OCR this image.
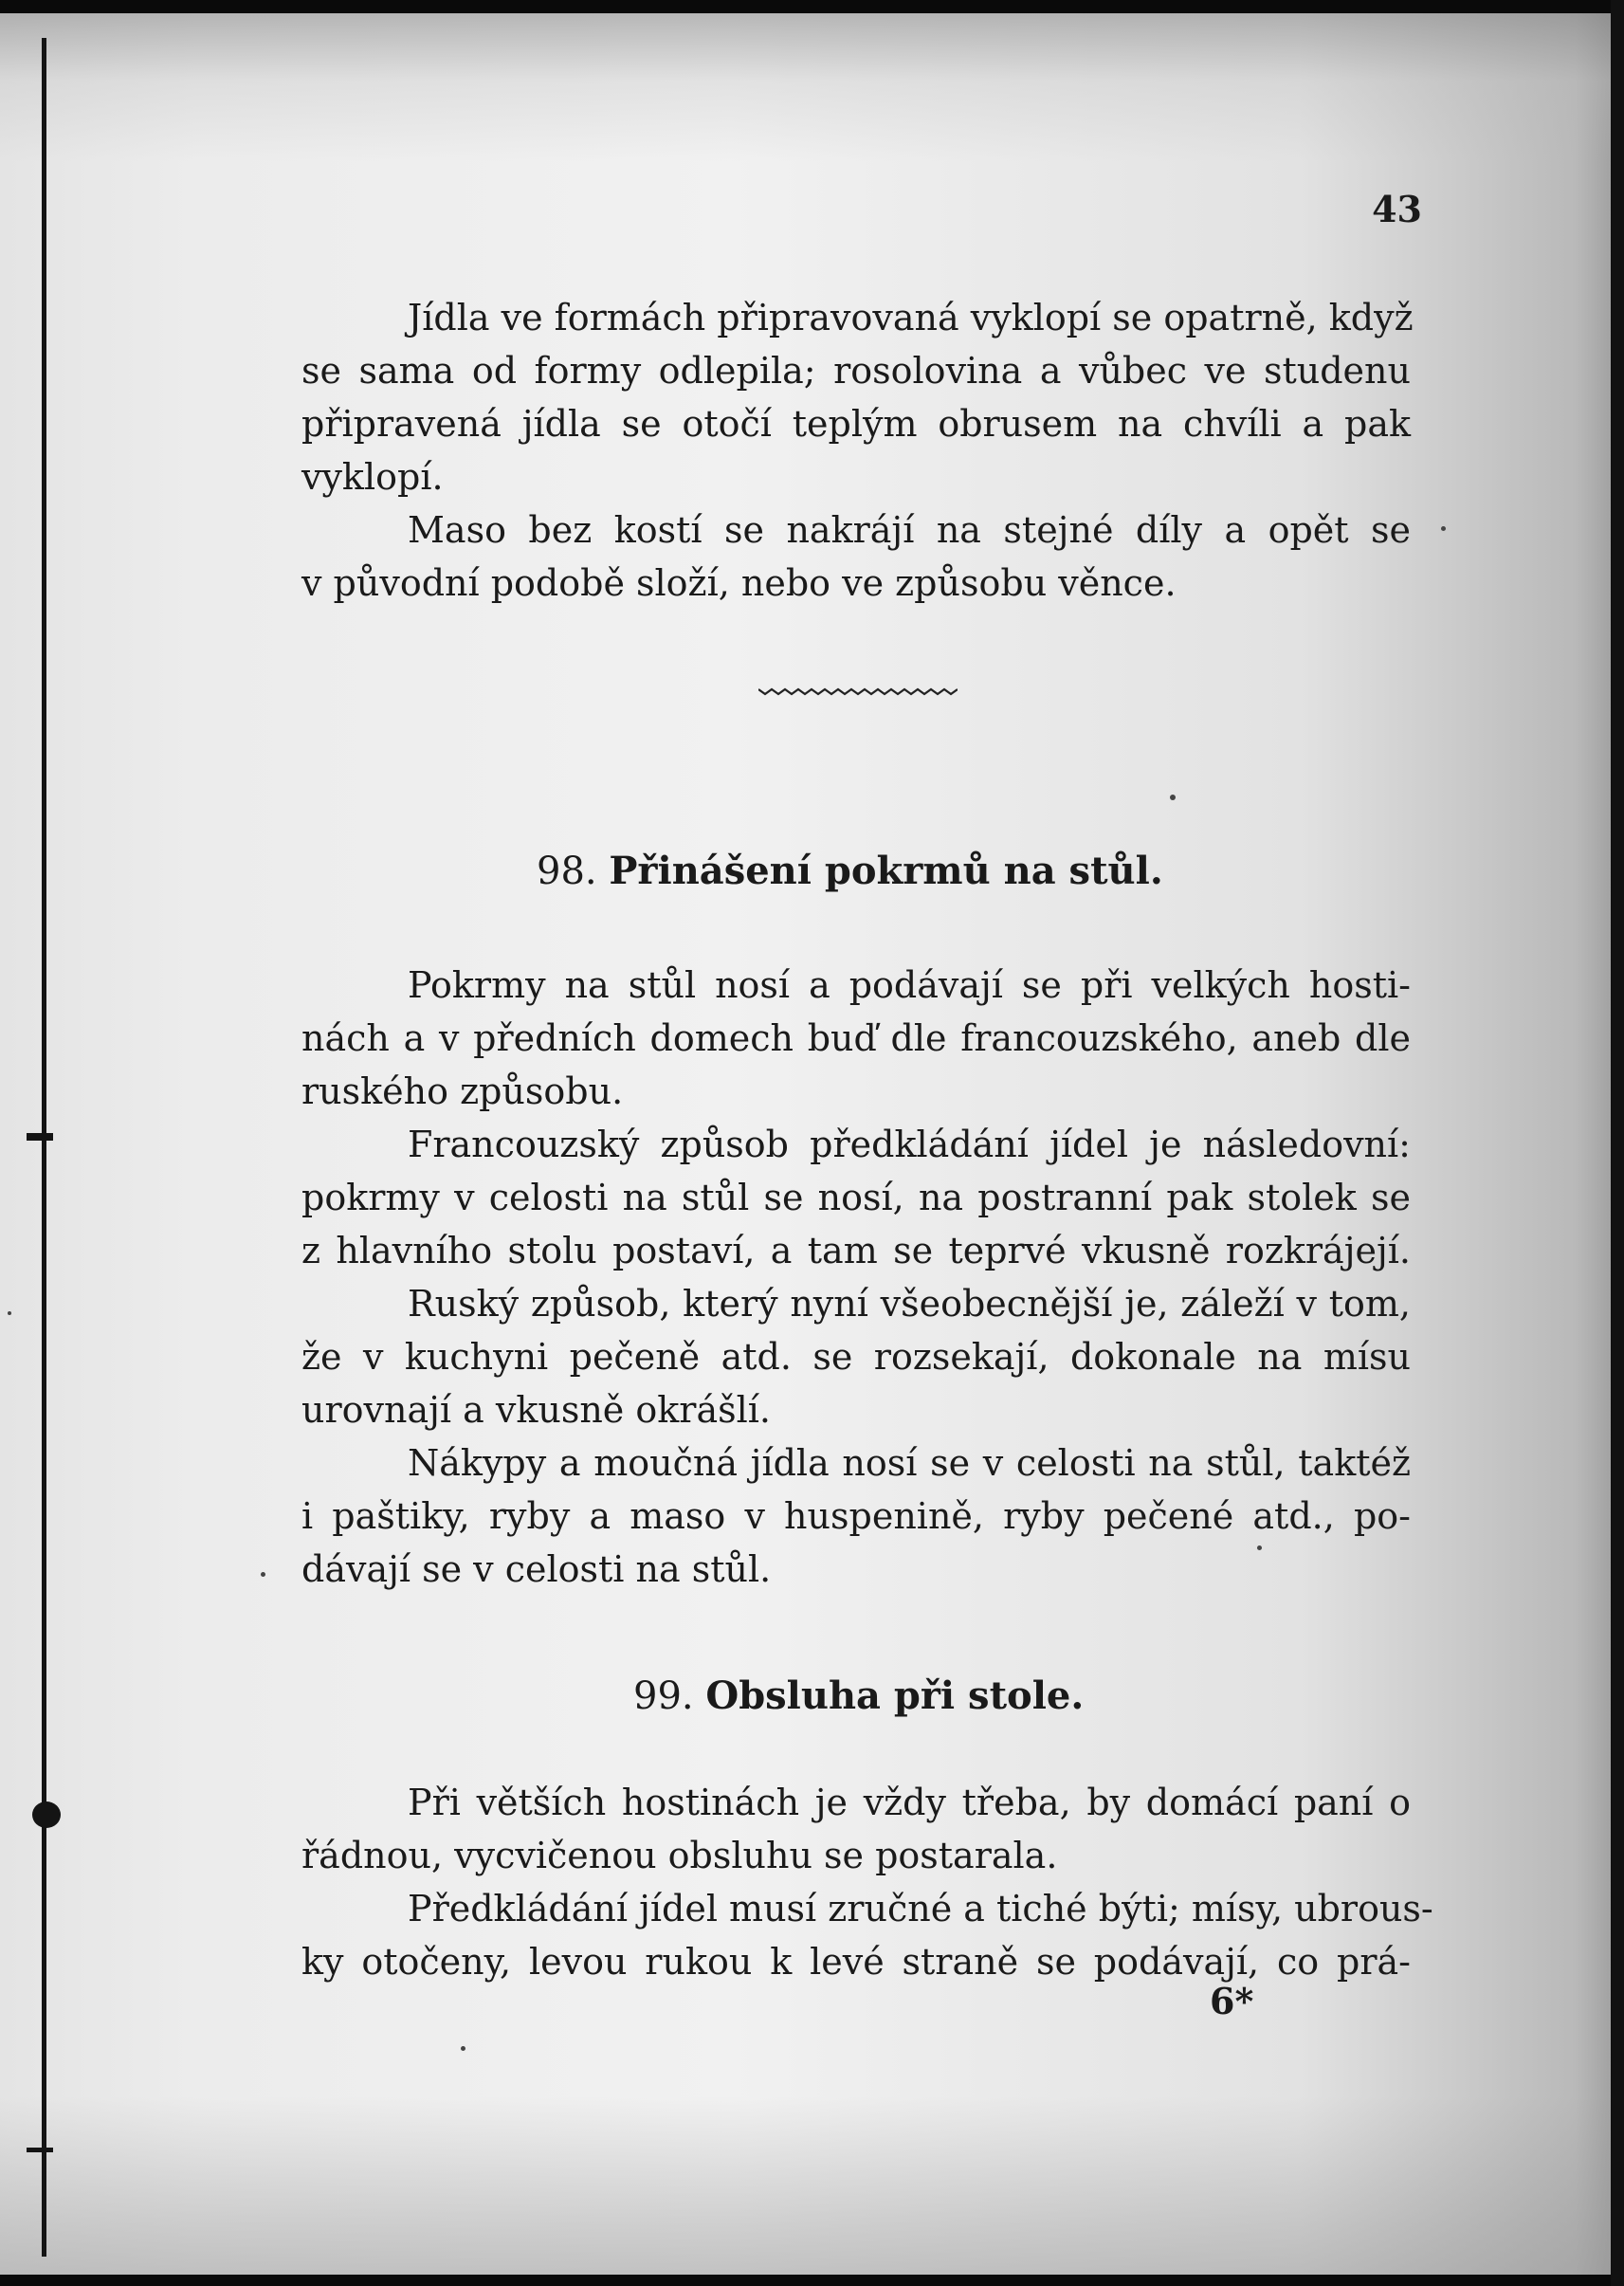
43
Jídla ve formách připravovaná vyklopí se opatrně, když
se sama od formy odlepila; rosolovina a vůbec ve studenu
připravená jídla se otočí teplým obrusem na chvíli a pak
vyklopí.
Maso bez kostí se nakrájí na stejné díly a opět se
v původní podobě složí, nebo ve způsobu věnce.
98. Přinášení pokrmů na stůl.
Pokrmy na stůl nosí a podávají se při velkých hosti-
nách a v předních domech buď dle francouzského, aneb dle
ruského způsobu.
Francouzský způsob předkládání jídel je následovní:
pokrmy v celosti na stůl se nosí, na postranní pak stolek se
z hlavního stolu postaví, a tam se teprvé vkusně rozkrájejí.
Ruský způsob, který nyní všeobecnější je, záleží v tom,
že v kuchyni pečeně atd. se rozsekají, dokonale na mísu
urovnají a vkusně okrášlí.
Nákypy a moučná jídla nosí se v celosti na stůl, taktéž
i paštiky, ryby a maso v huspenině, ryby pečené atd., po-
dávají se v celosti na stůl.
99. Obsluha při stole.
Při větších hostinách je vždy třeba, by domácí paní o
řádnou, vycvičenou obsluhu se postarala.
Předkládání jídel musí zručné a tiché býti; mísy, ubrous-
ky otočeny, levou rukou k levé straně se podávají, co prá-
6*
